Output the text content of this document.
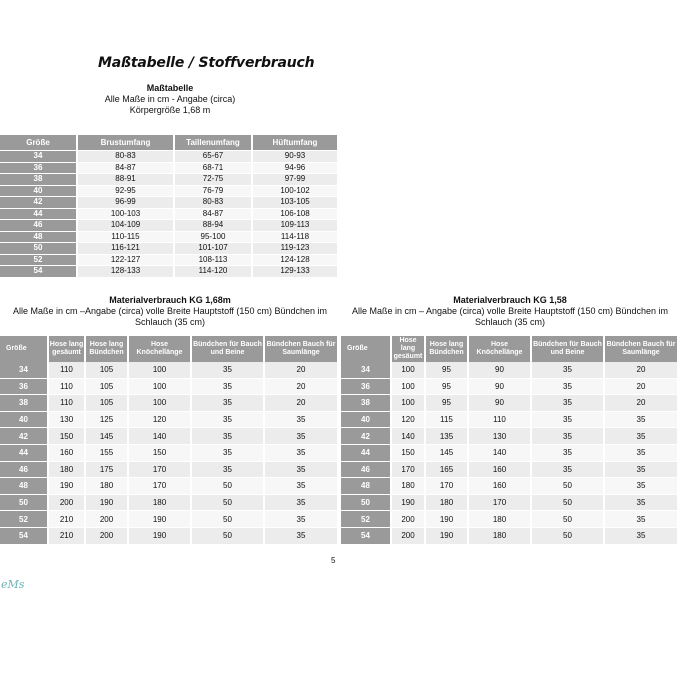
Maßtabelle / Stoffverbrauch
Maßtabelle
Alle Maße in cm - Angabe (circa)
Körpergröße 1,68 m
Größe	Brustumfang	Taillenumfang	Hüftumfang
34	80-83	65-67	90-93
36	84-87	68-71	94-96
38	88-91	72-75	97-99
40	92-95	76-79	100-102
42	96-99	80-83	103-105
44	100-103	84-87	106-108
46	104-109	88-94	109-113
48	110-115	95-100	114-118
50	116-121	101-107	119-123
52	122-127	108-113	124-128
54	128-133	114-120	129-133
Materialverbrauch KG 1,68m
Alle Maße in cm –Angabe (circa) volle Breite Hauptstoff (150 cm) Bündchen im Schlauch (35 cm)
Materialverbrauch KG 1,58
Alle Maße in cm – Angabe (circa) volle Breite Hauptstoff (150 cm) Bündchen im Schlauch (35 cm)
Größe	Hose lang gesäumt	Hose lang Bündchen	Hose Knöchellänge	Bündchen für Bauch und Beine	Bündchen Bauch für Saumlänge
34	110	105	100	35	20
36	110	105	100	35	20
38	110	105	100	35	20
40	130	125	120	35	35
42	150	145	140	35	35
44	160	155	150	35	35
46	180	175	170	35	35
48	190	180	170	50	35
50	200	190	180	50	35
52	210	200	190	50	35
54	210	200	190	50	35
Größe	Hose lang gesäumt	Hose lang Bündchen	Hose Knöchellänge	Bündchen für Bauch und Beine	Bündchen Bauch für Saumlänge
34	100	95	90	35	20
36	100	95	90	35	20
38	100	95	90	35	20
40	120	115	110	35	35
42	140	135	130	35	35
44	150	145	140	35	35
46	170	165	160	35	35
48	180	170	160	50	35
50	190	180	170	50	35
52	200	190	180	50	35
54	200	190	180	50	35
5
eMs
